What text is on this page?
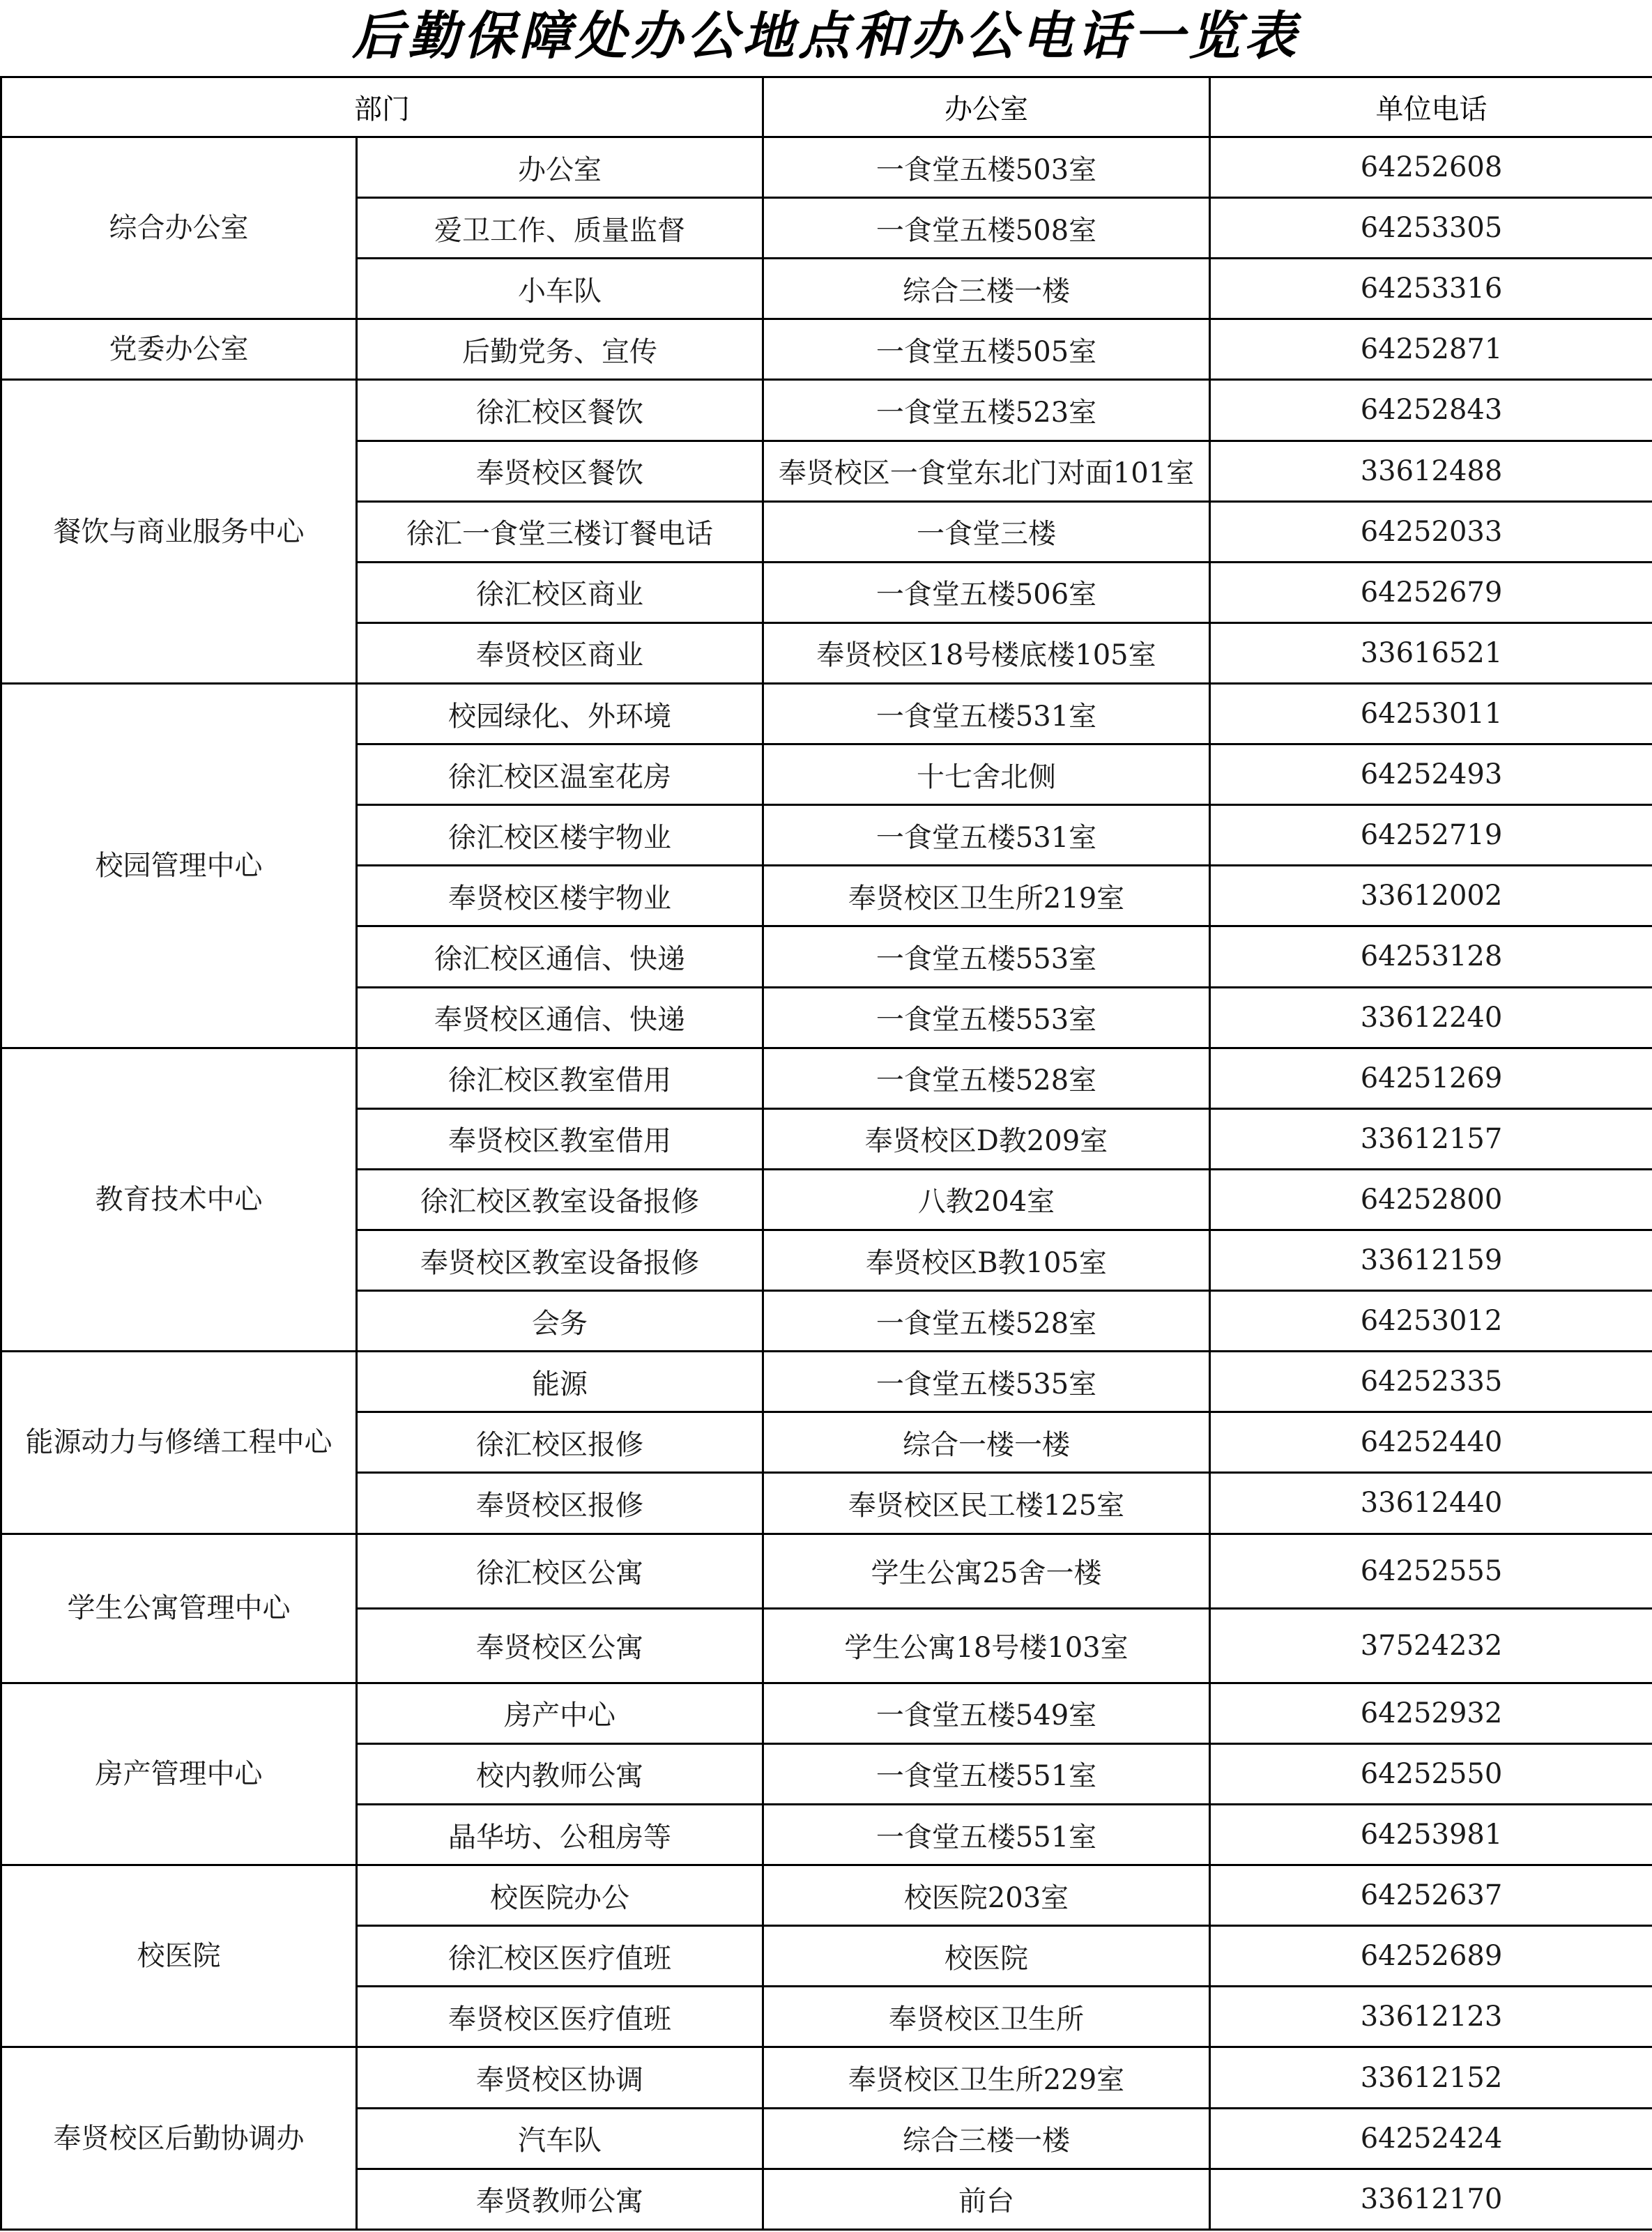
后勤保障处办公地点和办公电话一览表
部门		办公室	单位电话
综合办公室	办公室	一食堂五楼503室	64252608
	爱卫工作、质量监督	一食堂五楼508室	64253305
	小车队	综合三楼一楼	64253316
党委办公室	后勤党务、宣传	一食堂五楼505室	64252871
餐饮与商业服务中心	徐汇校区餐饮	一食堂五楼523室	64252843
	奉贤校区餐饮	奉贤校区一食堂东北门对面101室	33612488
	徐汇一食堂三楼订餐电话	一食堂三楼	64252033
	徐汇校区商业	一食堂五楼506室	64252679
	奉贤校区商业	奉贤校区18号楼底楼105室	33616521
校园管理中心	校园绿化、外环境	一食堂五楼531室	64253011
	徐汇校区温室花房	十七舍北侧	64252493
	徐汇校区楼宇物业	一食堂五楼531室	64252719
	奉贤校区楼宇物业	奉贤校区卫生所219室	33612002
	徐汇校区通信、快递	一食堂五楼553室	64253128
	奉贤校区通信、快递	一食堂五楼553室	33612240
教育技术中心	徐汇校区教室借用	一食堂五楼528室	64251269
	奉贤校区教室借用	奉贤校区D教209室	33612157
	徐汇校区教室设备报修	八教204室	64252800
	奉贤校区教室设备报修	奉贤校区B教105室	33612159
	会务	一食堂五楼528室	64253012
能源动力与修缮工程中心	能源	一食堂五楼535室	64252335
	徐汇校区报修	综合一楼一楼	64252440
	奉贤校区报修	奉贤校区民工楼125室	33612440
学生公寓管理中心	徐汇校区公寓	学生公寓25舍一楼	64252555
	奉贤校区公寓	学生公寓18号楼103室	37524232
房产管理中心	房产中心	一食堂五楼549室	64252932
	校内教师公寓	一食堂五楼551室	64252550
	晶华坊、公租房等	一食堂五楼551室	64253981
校医院	校医院办公	校医院203室	64252637
	徐汇校区医疗值班	校医院	64252689
	奉贤校区医疗值班	奉贤校区卫生所	33612123
奉贤校区后勤协调办	奉贤校区协调	奉贤校区卫生所229室	33612152
	汽车队	综合三楼一楼	64252424
	奉贤教师公寓	前台	33612170
